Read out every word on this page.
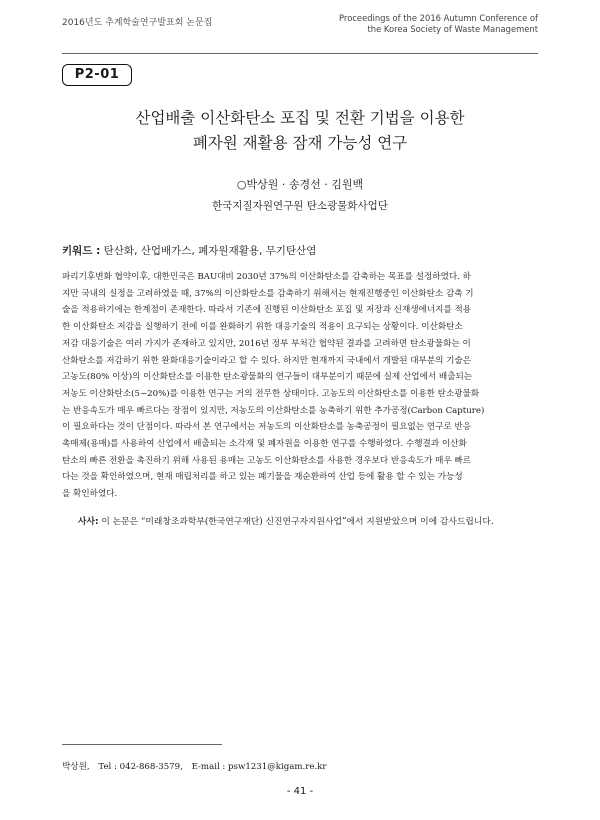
2016년도 추계학술연구발표회 논문집	Proceedings of the 2016 Autumn Conference of
the Korea Society of Waste Management
P2-01
산업배출 이산화탄소 포집 및 전환 기법을 이용한
폐자원 재활용 잠재 가능성 연구
○박상원 · 송경선 · 김원백
한국지질자원연구원 탄소광물화사업단
키워드 : 탄산화, 산업배가스, 폐자원재활용, 무기탄산염
파리기후변화 협약이후, 대한민국은 BAU대비 2030년 37%의 이산화탄소를 감축하는 목표를 설정하였다. 하
지만 국내의 실정을 고려하였을 때, 37%의 이산화탄소를 감축하기 위해서는 현재진행중인 이산화탄소 감축 기
술을 적용하기에는 한계점이 존재한다. 따라서 기존에 진행된 이산화탄소 포집 및 저장과 신재생에너지를 적용
한 이산화탄소 저감을 실행하기 전에 이를 완화하기 위한 대응기술의 적용이 요구되는 상황이다. 이산화탄소
저감 대응기술은 여러 가지가 존재하고 있지만, 2016년 정부 부처간 협약된 결과를 고려하면 탄소광물화는 이
산화탄소를 저감하기 위한 완화대응기술이라고 할 수 있다. 하지만 현재까지 국내에서 개발된 대부분의 기술은
고농도(80% 이상)의 이산화탄소를 이용한 탄소광물화의 연구들이 대부분이기 때문에 실제 산업에서 배출되는
저농도 이산화탄소(5~20%)를 이용한 연구는 거의 전무한 상태이다. 고농도의 이산화탄소를 이용한 탄소광물화
는 반응속도가 매우 빠르다는 장점이 있지만, 저농도의 이산화탄소를 농축하기 위한 추가공정(Carbon Capture)
이 필요하다는 것이 단점이다. 따라서 본 연구에서는 저농도의 이산화탄소를 농축공정이 필요없는 연구로 반응
촉매제(용매)를 사용하여 산업에서 배출되는 소각재 및 폐자원을 이용한 연구를 수행하였다. 수행결과 이산화
탄소의 빠른 전환을 촉진하기 위해 사용된 용매는 고농도 이산화탄소를 사용한 경우보다 반응속도가 매우 빠르
다는 것을 확인하였으며, 현재 매립처리를 하고 있는 폐기물을 재순환하여 산업 등에 활용 할 수 있는 가능성
을 확인하였다.
사사: 이 논문은 “미래창조과학부(한국연구재단) 신진연구자지원사업”에서 지원받았으며 이에 감사드립니다.
박상원, Tel : 042-868-3579, E-mail : psw1231@kigam.re.kr
- 41 -
